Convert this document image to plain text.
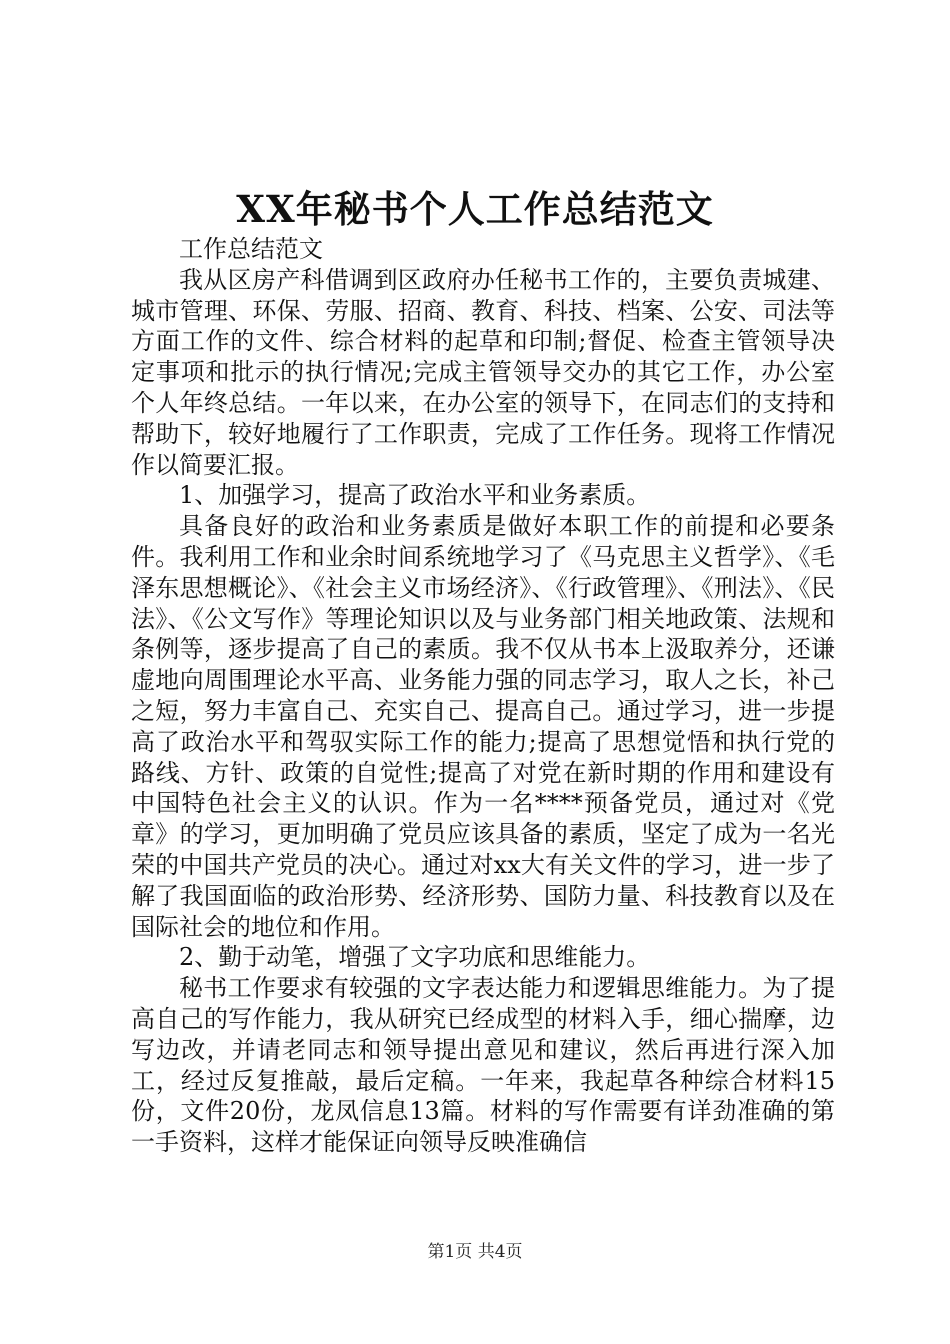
XX年秘书个人工作总结范文

工作总结范文

我从区房产科借调到区政府办任秘书工作的，主要负责城建、城市管理、环保、劳服、招商、教育、科技、档案、公安、司法等方面工作的文件、综合材料的起草和印制;督促、检查主管领导决定事项和批示的执行情况;完成主管领导交办的其它工作，办公室个人年终总结。一年以来，在办公室的领导下，在同志们的支持和帮助下，较好地履行了工作职责，完成了工作任务。现将工作情况作以简要汇报。

1、加强学习，提高了政治水平和业务素质。

具备良好的政治和业务素质是做好本职工作的前提和必要条件。我利用工作和业余时间系统地学习了《马克思主义哲学》、《毛泽东思想概论》、《社会主义市场经济》、《行政管理》、《刑法》、《民法》、《公文写作》等理论知识以及与业务部门相关地政策、法规和条例等，逐步提高了自己的素质。我不仅从书本上汲取养分，还谦虚地向周围理论水平高、业务能力强的同志学习，取人之长，补己之短，努力丰富自己、充实自己、提高自己。通过学习，进一步提高了政治水平和驾驭实际工作的能力;提高了思想觉悟和执行党的路线、方针、政策的自觉性;提高了对党在新时期的作用和建设有中国特色社会主义的认识。作为一名****预备党员，通过对《党章》的学习，更加明确了党员应该具备的素质，坚定了成为一名光荣的中国共产党员的决心。通过对xx大有关文件的学习，进一步了解了我国面临的政治形势、经济形势、国防力量、科技教育以及在国际社会的地位和作用。

2、勤于动笔，增强了文字功底和思维能力。

秘书工作要求有较强的文字表达能力和逻辑思维能力。为了提高自己的写作能力，我从研究已经成型的材料入手，细心揣摩，边写边改，并请老同志和领导提出意见和建议，然后再进行深入加工，经过反复推敲，最后定稿。一年来，我起草各种综合材料15份，文件20份，龙凤信息13篇。材料的写作需要有详劲准确的第一手资料，这样才能保证向领导反映准确信

第1页 共4页
